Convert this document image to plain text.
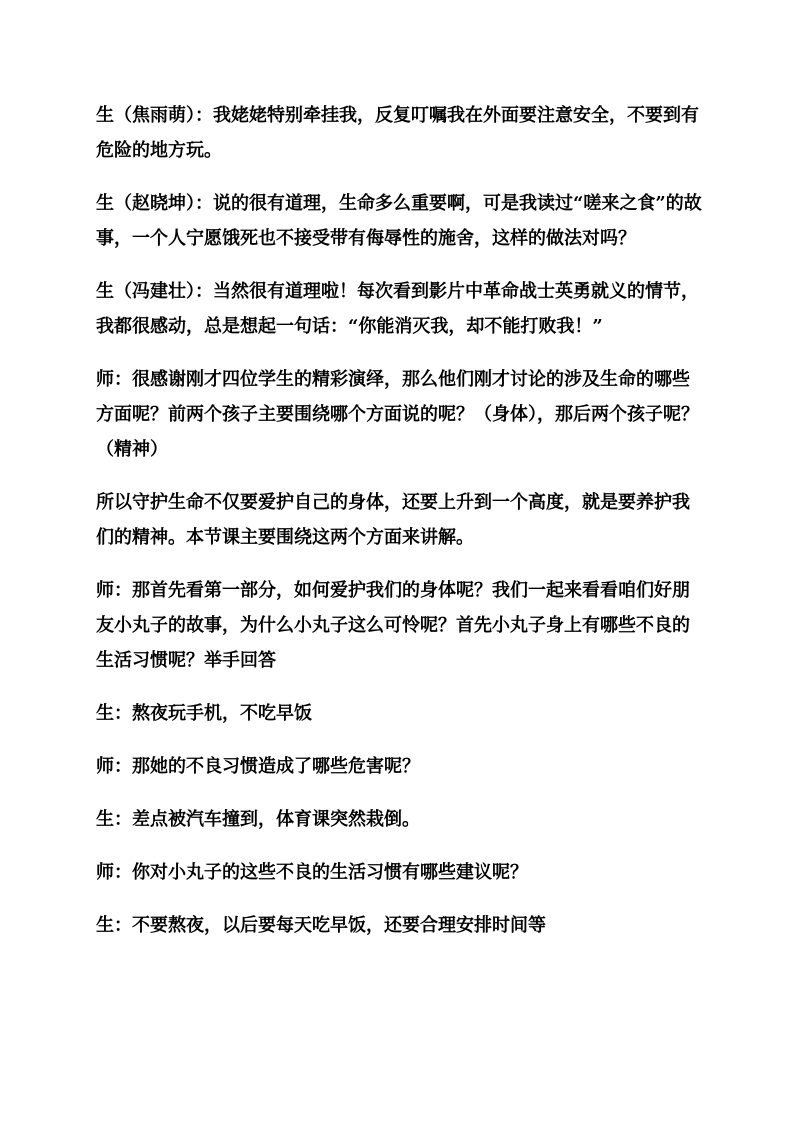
生（焦雨萌）：我姥姥特别牵挂我，反复叮嘱我在外面要注意安全，不要到有危险的地方玩。

生（赵晓坤）：说的很有道理，生命多么重要啊，可是我读过“嗟来之食”的故事，一个人宁愿饿死也不接受带有侮辱性的施舍，这样的做法对吗？

生（冯建壮）：当然很有道理啦！每次看到影片中革命战士英勇就义的情节，我都很感动，总是想起一句话：“你能消灭我，却不能打败我！”

师：很感谢刚才四位学生的精彩演绎，那么他们刚才讨论的涉及生命的哪些方面呢？前两个孩子主要围绕哪个方面说的呢？（身体），那后两个孩子呢？（精神）

所以守护生命不仅要爱护自己的身体，还要上升到一个高度，就是要养护我们的精神。本节课主要围绕这两个方面来讲解。

师：那首先看第一部分，如何爱护我们的身体呢？我们一起来看看咱们好朋友小丸子的故事，为什么小丸子这么可怜呢？首先小丸子身上有哪些不良的生活习惯呢？举手回答

生：熬夜玩手机，不吃早饭

师：那她的不良习惯造成了哪些危害呢？

生：差点被汽车撞到，体育课突然栽倒。

师：你对小丸子的这些不良的生活习惯有哪些建议呢？

生：不要熬夜，以后要每天吃早饭，还要合理安排时间等
